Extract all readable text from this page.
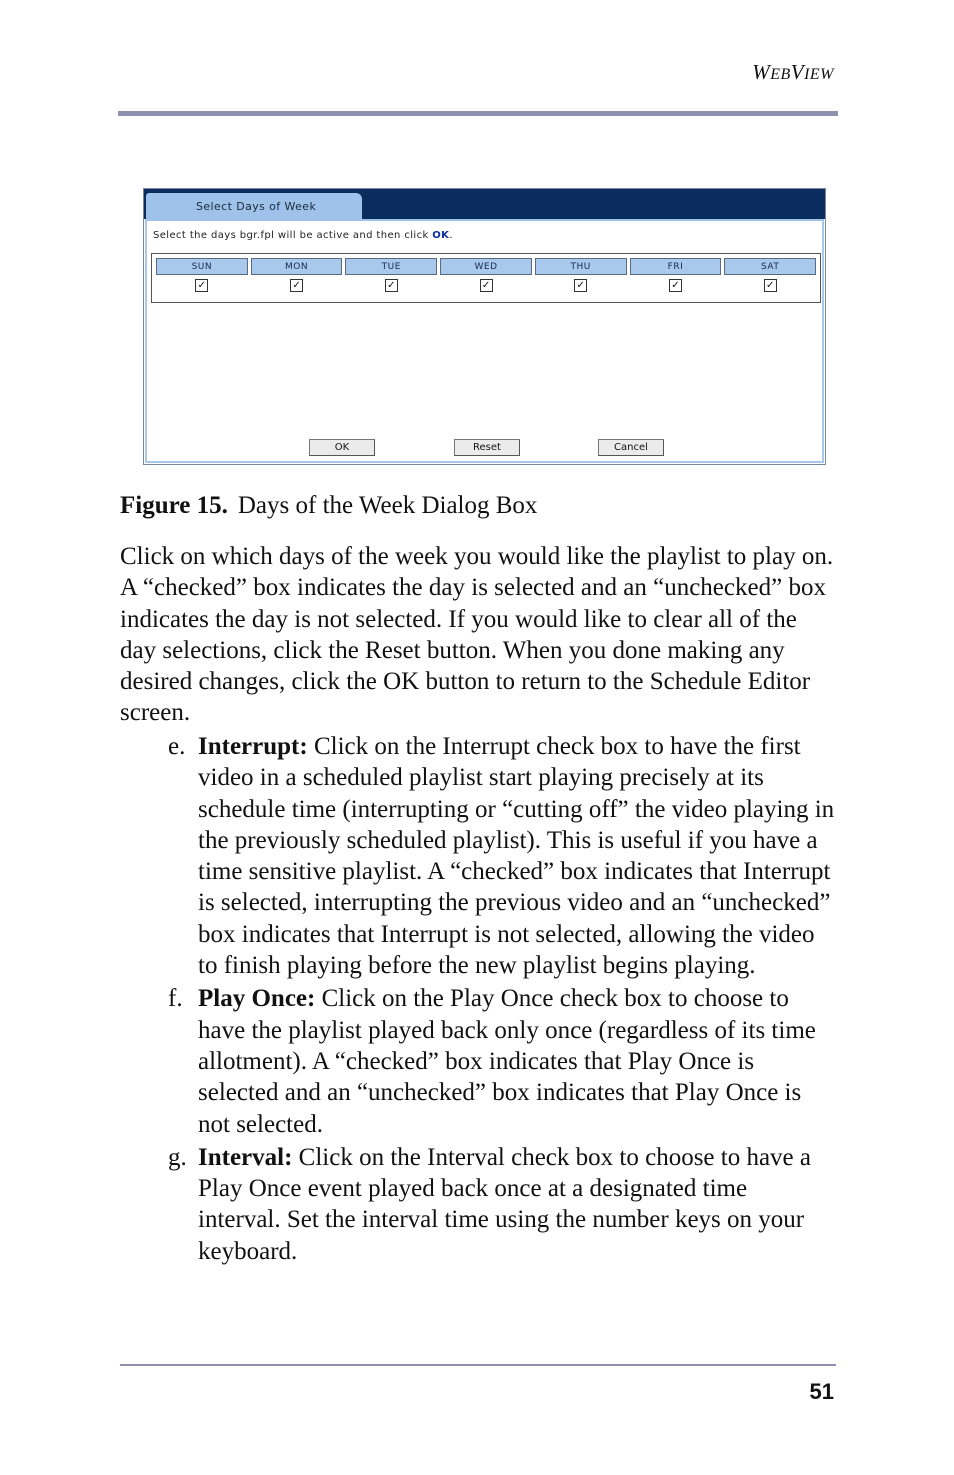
WEBVIEW
Select Days of Week
Select the days bgr.fpl will be active and then click OK.
SUN
✓
MON
✓
TUE
✓
WED
✓
THU
✓
FRI
✓
SAT
✓
OK	Reset	Cancel
Figure 15. Days of the Week Dialog Box
Click on which days of the week you would like the playlist to play on. A “checked” box indicates the day is selected and an “unchecked” box indicates the day is not selected. If you would like to clear all of the day selections, click the Reset button. When you done making any desired changes, click the OK button to return to the Schedule Editor screen.
e. Interrupt: Click on the Interrupt check box to have the first video in a scheduled playlist start playing precisely at its schedule time (interrupting or “cutting off” the video playing in the previously scheduled playlist). This is useful if you have a time sensitive playlist. A “checked” box indicates that Interrupt is selected, interrupting the previous video and an “unchecked” box indicates that Interrupt is not selected, allowing the video to finish playing before the new playlist begins playing.
f. Play Once: Click on the Play Once check box to choose to have the playlist played back only once (regardless of its time allotment). A “checked” box indicates that Play Once is selected and an “unchecked” box indicates that Play Once is not selected.
g. Interval: Click on the Interval check box to choose to have a Play Once event played back once at a designated time interval. Set the interval time using the number keys on your keyboard.
51
